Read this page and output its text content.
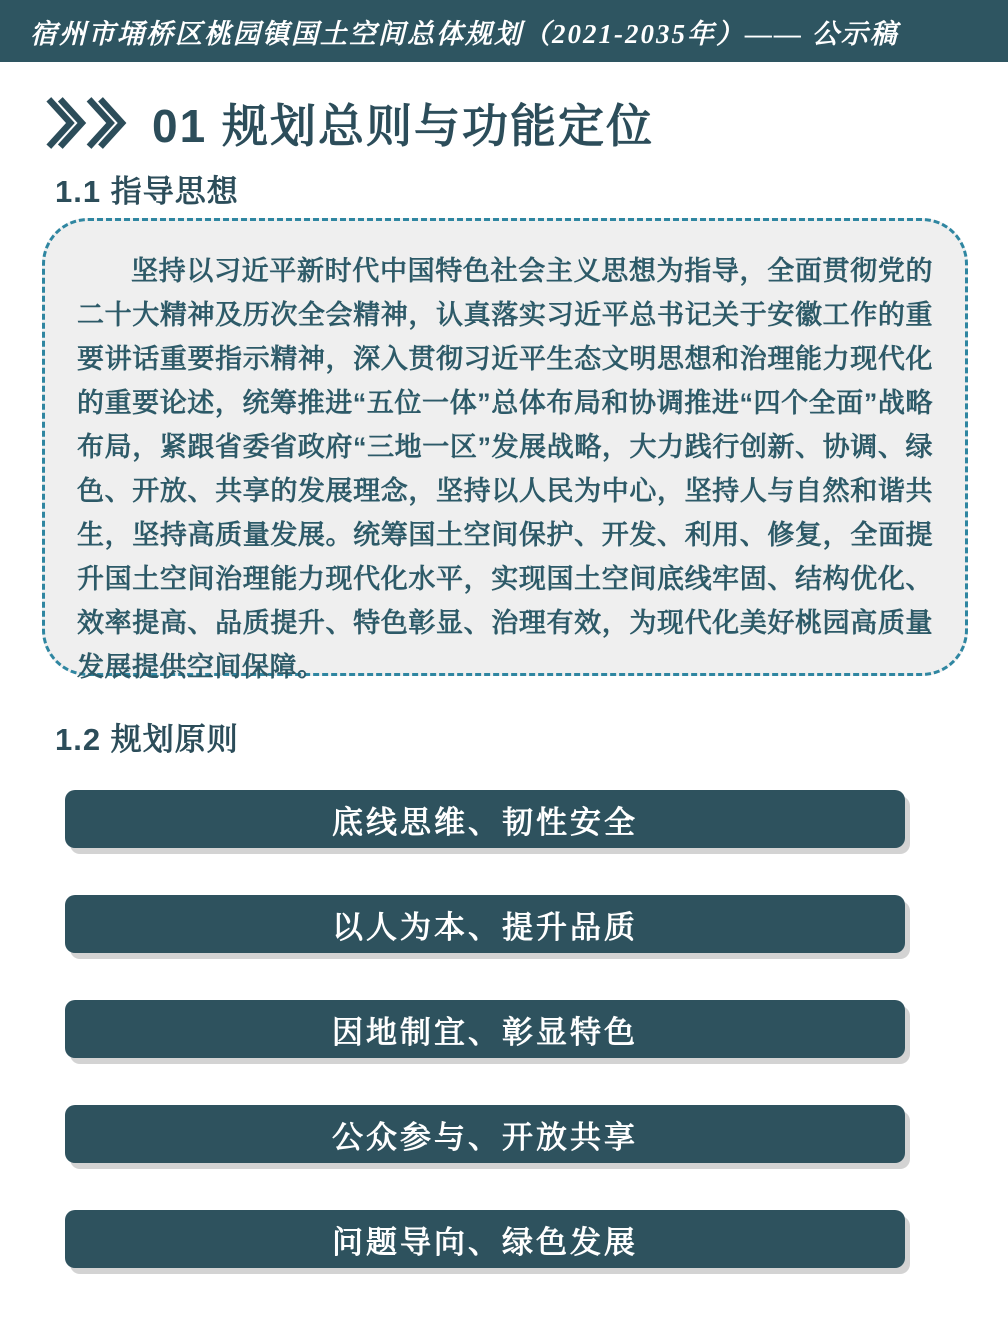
宿州市埇桥区桃园镇国土空间总体规划（2021-2035年）—— 公示稿
01 规划总则与功能定位
1.1 指导思想

坚持以习近平新时代中国特色社会主义思想为指导，全面贯彻党的二十大精神及历次全会精神，认真落实习近平总书记关于安徽工作的重要讲话重要指示精神，深入贯彻习近平生态文明思想和治理能力现代化的重要论述，统筹推进“五位一体”总体布局和协调推进“四个全面”战略布局，紧跟省委省政府“三地一区”发展战略，大力践行创新、协调、绿色、开放、共享的发展理念，坚持以人民为中心，坚持人与自然和谐共生，坚持高质量发展。统筹国土空间保护、开发、利用、修复，全面提升国土空间治理能力现代化水平，实现国土空间底线牢固、结构优化、效率提高、品质提升、特色彰显、治理有效，为现代化美好桃园高质量发展提供空间保障。

1.2 规划原则
底线思维、韧性安全
以人为本、提升品质
因地制宜、彰显特色
公众参与、开放共享
问题导向、绿色发展
